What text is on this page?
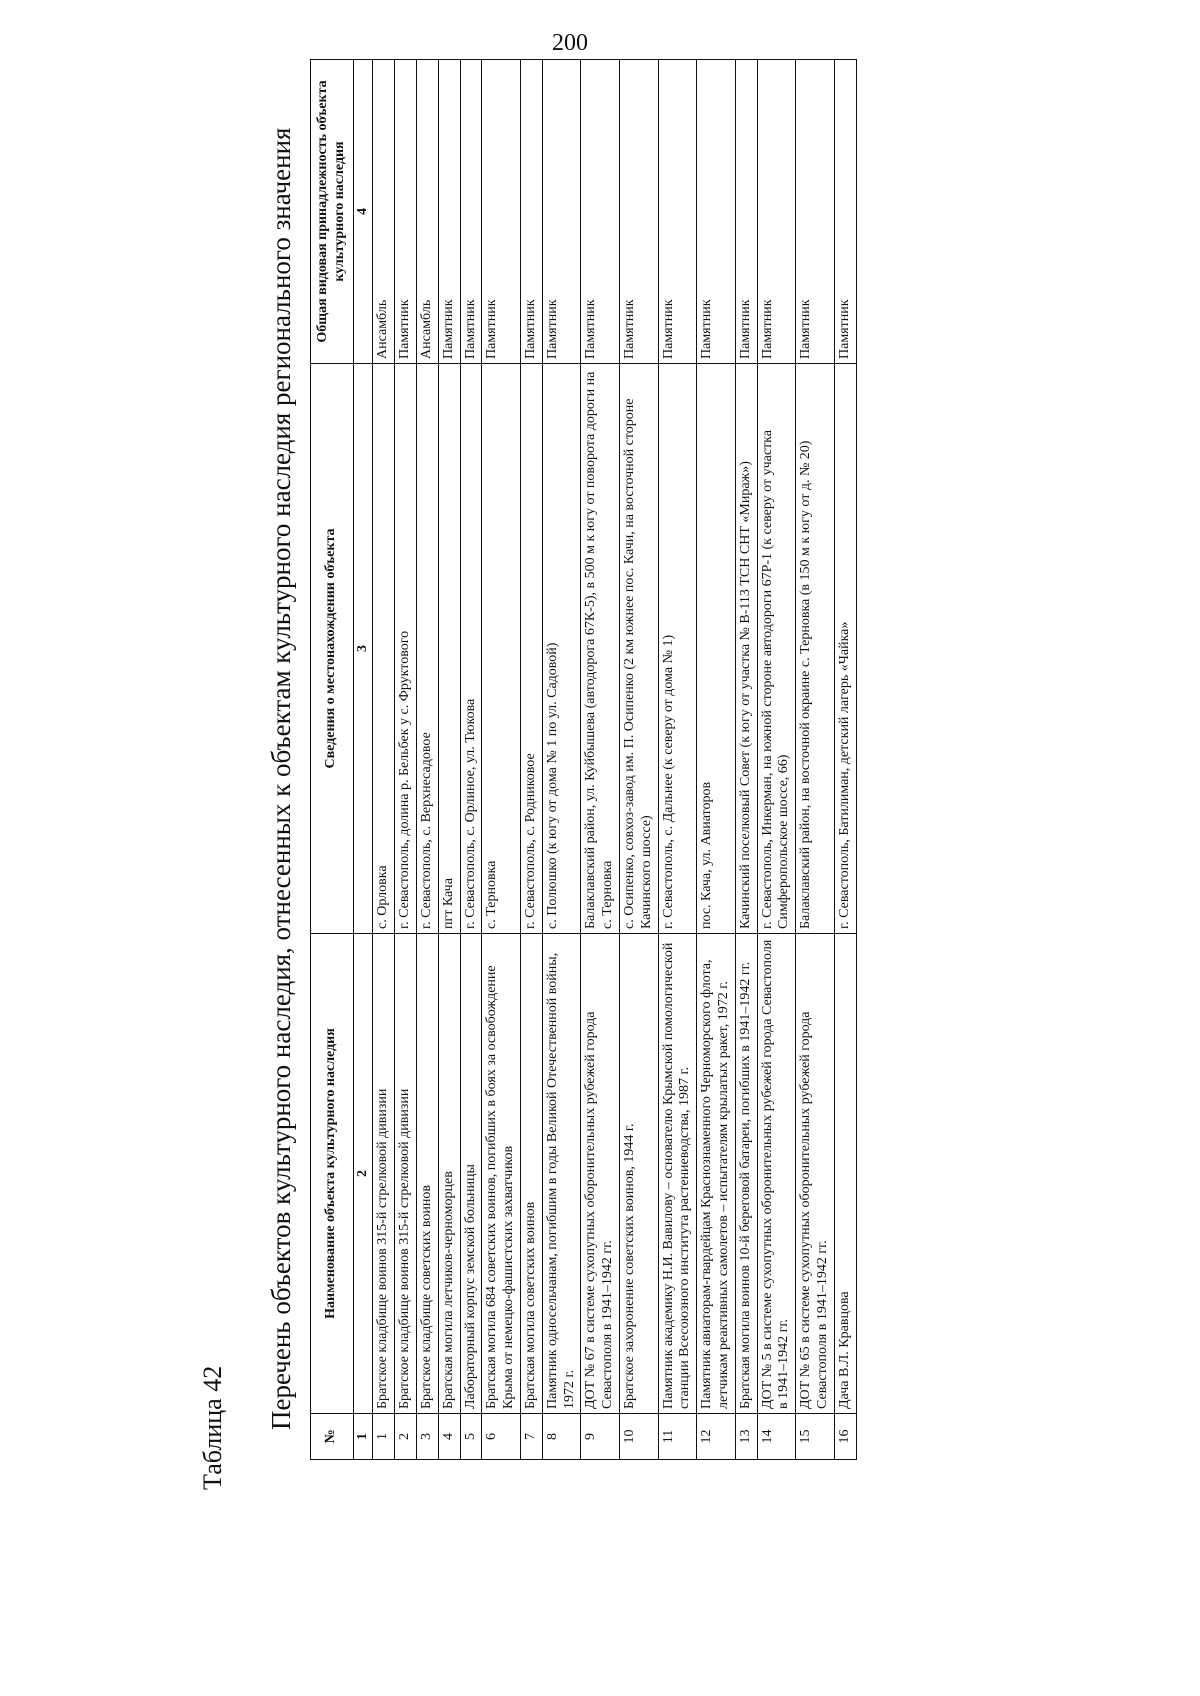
200
Таблица 42 Перечень объектов культурного наследия, отнесенных к объектам культурного наследия регионального значения
№	Наименование объекта культурного наследия	Сведения о местонахождении объекта	Общая видовая принадлежность объекта культурного наследия
1	2	3	4
1	Братское кладбище воинов 315-й стрелковой дивизии	с. Орловка	Ансамбль
2	Братское кладбище воинов 315-й стрелковой дивизии	г. Севастополь, долина р. Бельбек у с. Фруктового	Памятник
3	Братское кладбище советских воинов	г. Севастополь, с. Верхнесадовое	Ансамбль
4	Братская могила летчиков-черноморцев	пгт Кача	Памятник
5	Лабораторный корпус земской больницы	г. Севастополь, с. Орлиное, ул. Тюкова	Памятник
6	Братская могила 684 советских воинов, погибших в боях за освобождение Крыма от немецко-фашистских захватчиков	с. Терновка	Памятник
7	Братская могила советских воинов	г. Севастополь, с. Родниковое	Памятник
8	Памятник односельчанам, погибшим в годы Великой Отечественной войны, 1972 г.	с. Полюшко (к югу от дома № 1 по ул. Садовой)	Памятник
9	ДОТ № 67 в системе сухопутных оборонительных рубежей города Севастополя в 1941–1942 гг.	Балаклавский район, ул. Куйбышева (автодорога 67К-5), в 500 м к югу от поворота дороги на с. Терновка	Памятник
10	Братское захоронение советских воинов, 1944 г.	с. Осипенко, совхоз-завод им. П. Осипенко (2 км южнее пос. Качи, на восточной стороне Качинского шоссе)	Памятник
11	Памятник академику Н.И. Вавилову – основателю Крымской помологической станции Всесоюзного института растениеводства, 1987 г.	г. Севастополь, с. Дальнее (к северу от дома № 1)	Памятник
12	Памятник авиаторам-гвардейцам Краснознаменного Черноморского флота, летчикам реактивных самолетов – испытателям крылатых ракет, 1972 г.	пос. Кача, ул. Авиаторов	Памятник
13	Братская могила воинов 10-й береговой батареи, погибших в 1941–1942 гг.	Качинский поселковый Совет (к югу от участка № В-113 ТСН СНТ «Мираж»)	Памятник
14	ДОТ № 5 в системе сухопутных оборонительных рубежей города Севастополя в 1941–1942 гг.	г. Севастополь, Инкерман, на южной стороне автодороги 67Р-1 (к северу от участка Симферопольское шоссе, 66)	Памятник
15	ДОТ № 65 в системе сухопутных оборонительных рубежей города Севастополя в 1941–1942 гг.	Балаклавский район, на восточной окраине с. Терновка (в 150 м к югу от д. № 20)	Памятник
16	Дача В.Л. Кравцова	г. Севастополь, Батилиман, детский лагерь «Чайка»	Памятник
